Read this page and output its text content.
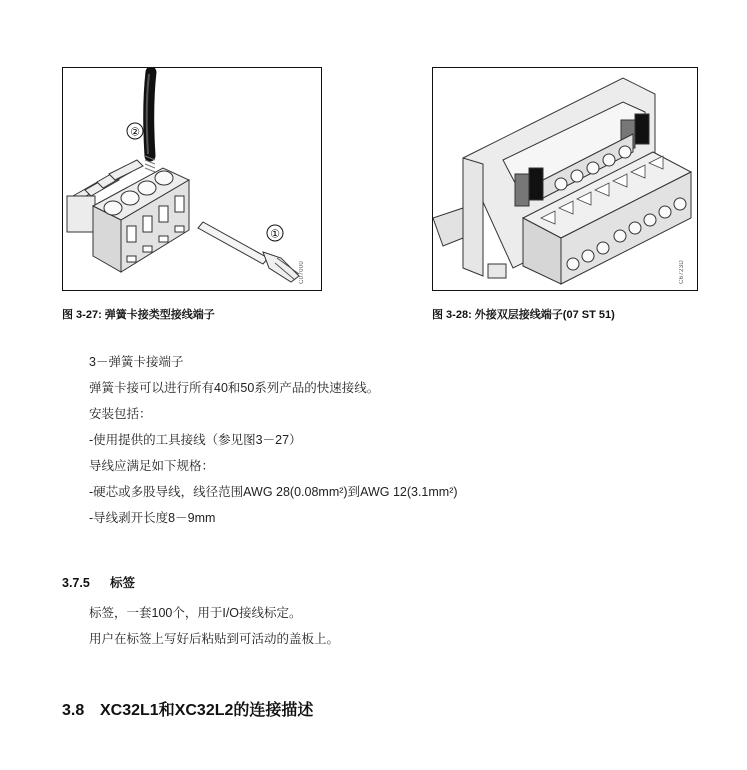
②
①
C07000	C6723D
图 3-27: 弹簧卡接类型接线端子	图 3-28: 外接双层接线端子(07 ST 51)
3－弹簧卡接端子
弹簧卡接可以进行所有40和50系列产品的快速接线。
安装包括：
-使用提供的工具接线（参见图3－27）
导线应满足如下规格：
-硬芯或多股导线，线径范围AWG 28(0.08mm²)到AWG 12(3.1mm²)
-导线剥开长度8－9mm
3.7.5 标签
标签，一套100个，用于I/O接线标定。
用户在标签上写好后粘贴到可活动的盖板上。
3.8 XC32L1和XC32L2的连接描述
